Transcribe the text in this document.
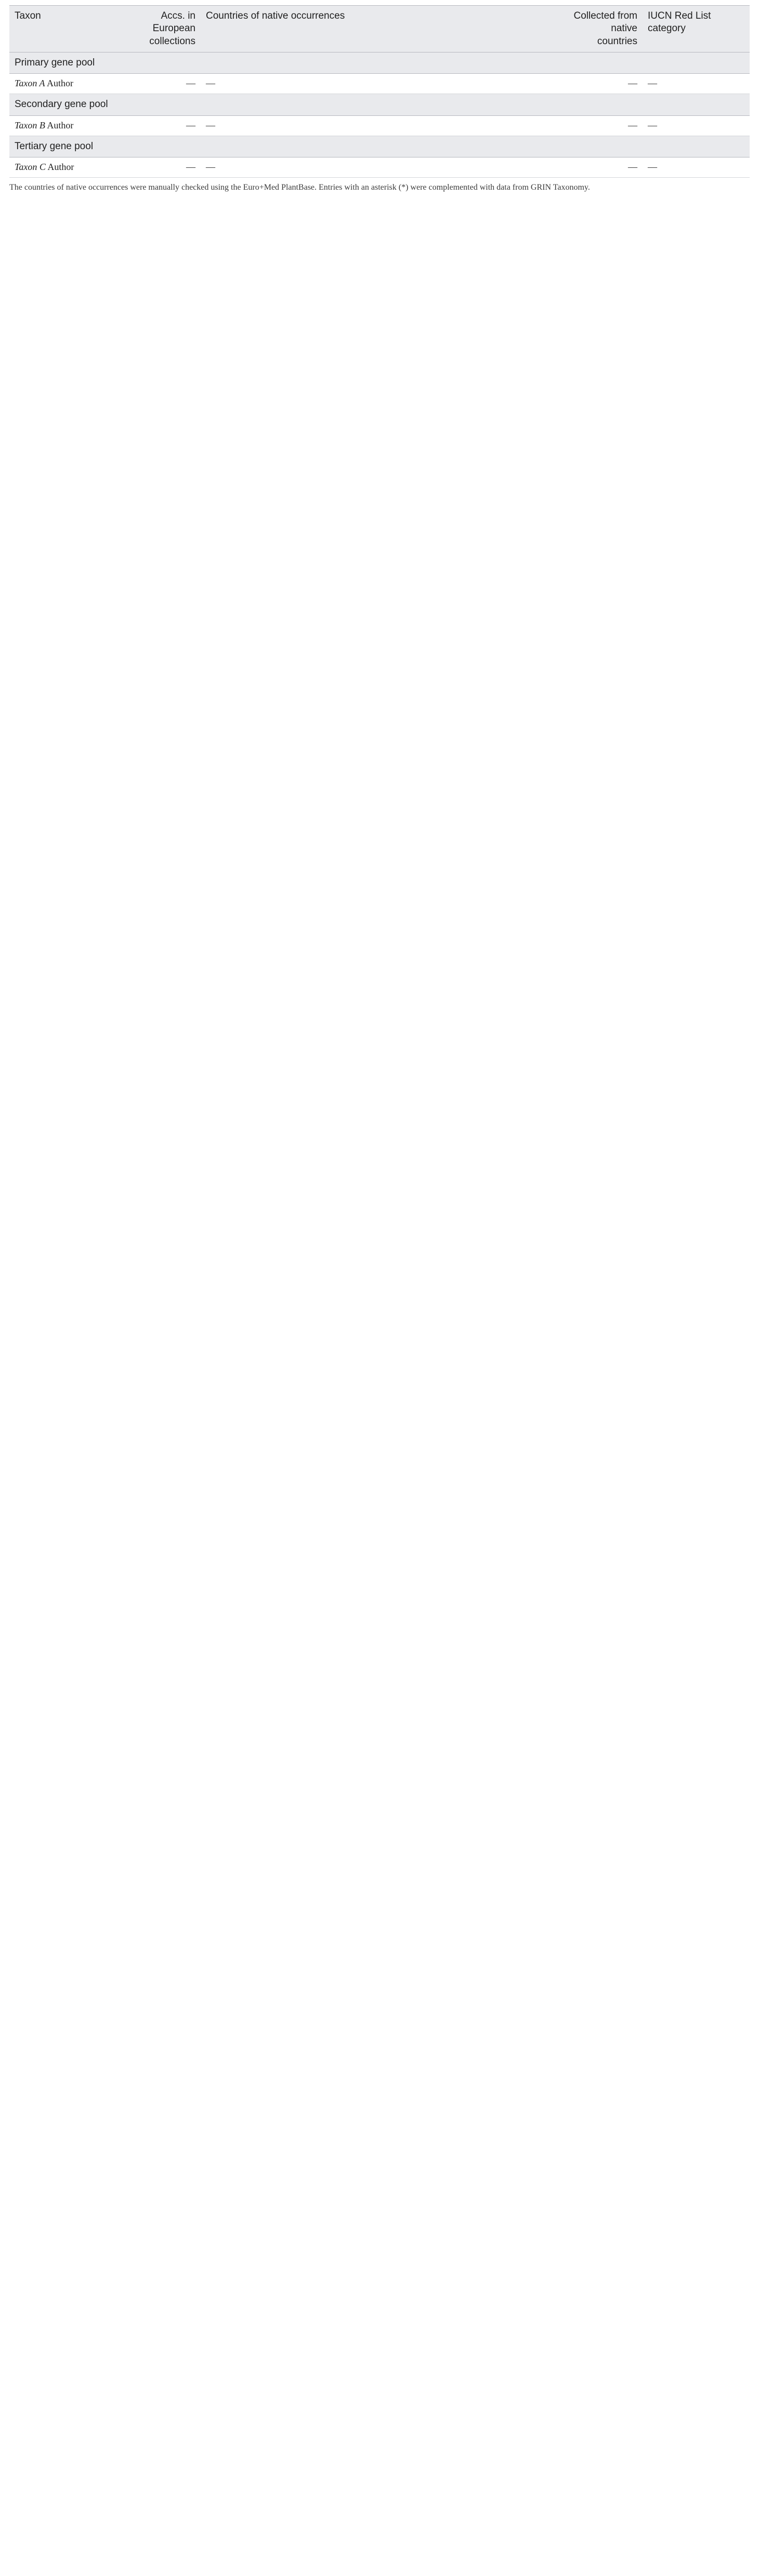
Taxon	Accs. in European collections	Countries of native occurrences	Collected from native countries	IUCN Red List category
Primary gene pool				
Taxon A Author	—	—	—	—
Secondary gene pool				
Taxon B Author	—	—	—	—
Tertiary gene pool				
Taxon C Author	—	—	—	—
The countries of native occurrences were manually checked using the Euro+Med PlantBase. Entries with an asterisk (*) were complemented with data from GRIN Taxonomy.
